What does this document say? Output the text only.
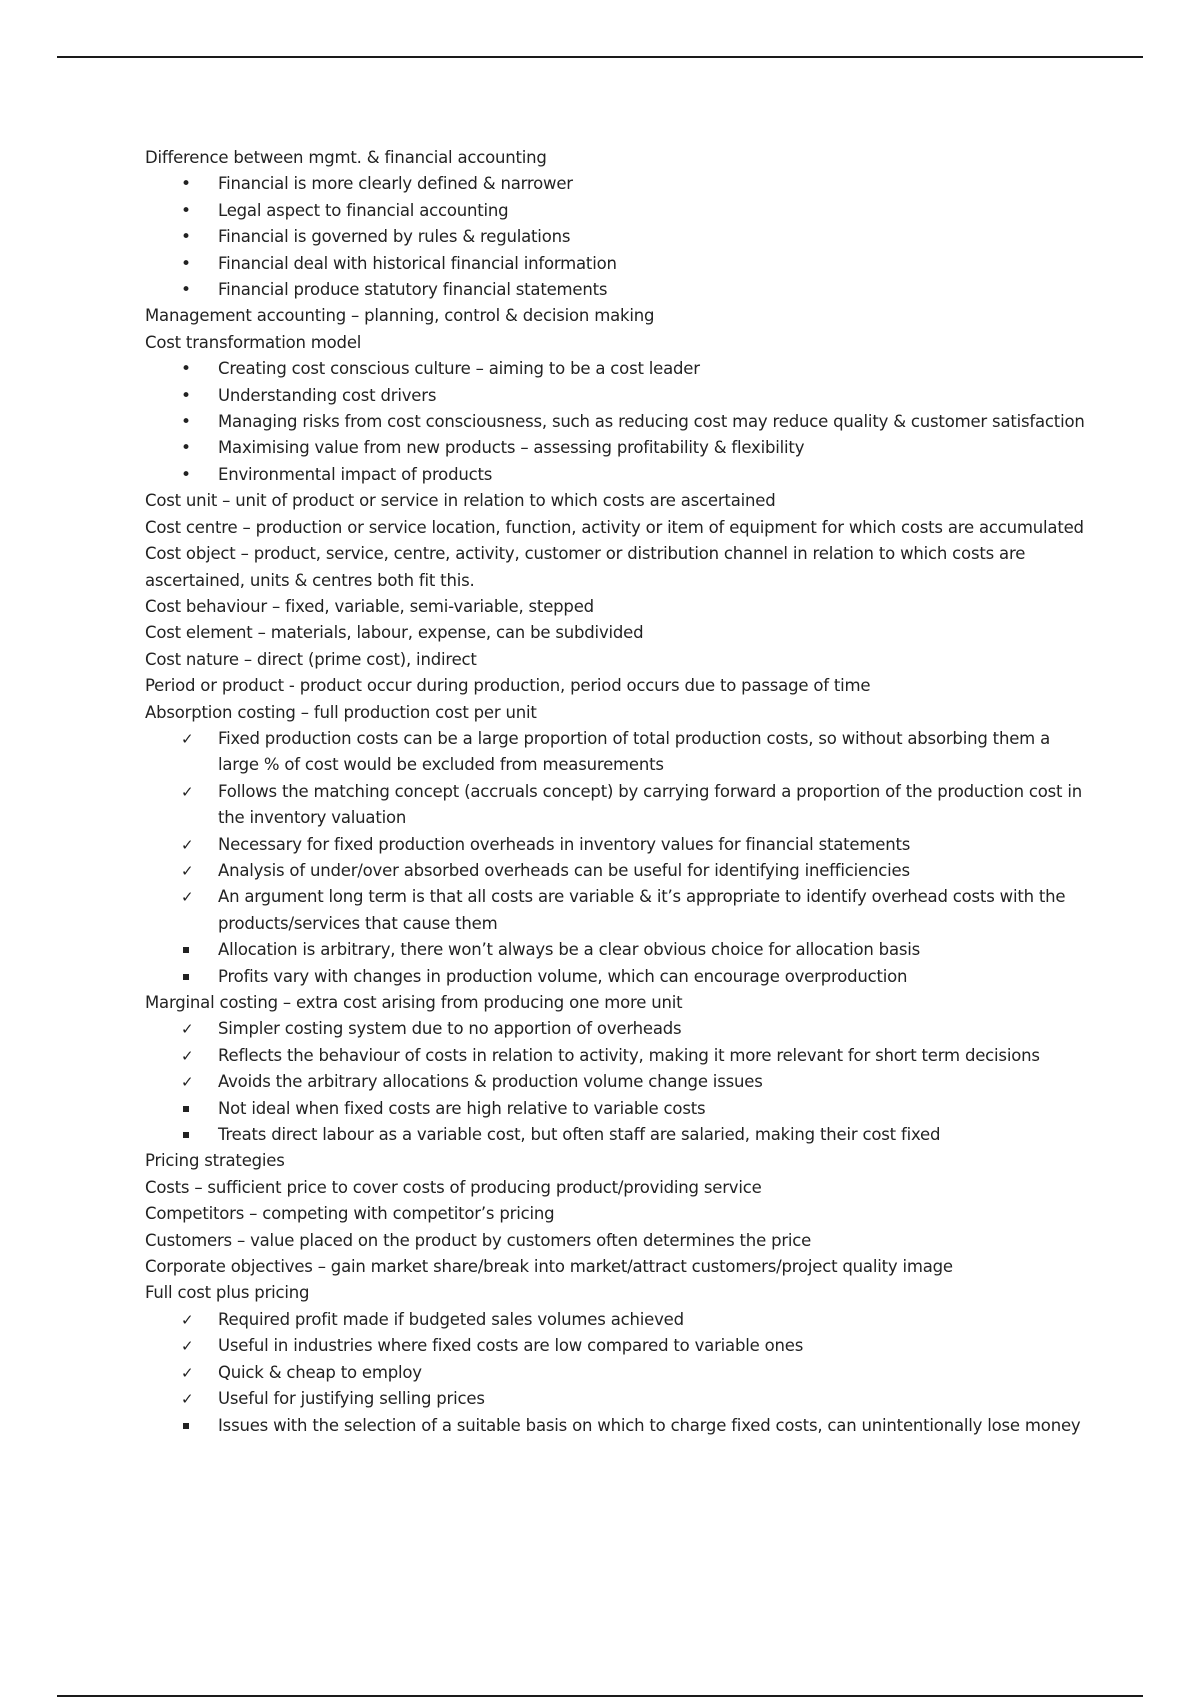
Difference between mgmt. & financial accounting

•
Financial is more clearly defined & narrower
•
Legal aspect to financial accounting
•
Financial is governed by rules & regulations
•
Financial deal with historical financial information
•
Financial produce statutory financial statements

Management accounting – planning, control & decision making

Cost transformation model

•
Creating cost conscious culture – aiming to be a cost leader
•
Understanding cost drivers
•
Managing risks from cost consciousness, such as reducing cost may reduce quality & customer satisfaction
•
Maximising value from new products – assessing profitability & flexibility
•
Environmental impact of products

Cost unit – unit of product or service in relation to which costs are ascertained

Cost centre – production or service location, function, activity or item of equipment for which costs are accumulated

Cost object – product, service, centre, activity, customer or distribution channel in relation to which costs are ascertained, units & centres both fit this.

Cost behaviour – fixed, variable, semi-variable, stepped

Cost element – materials, labour, expense, can be subdivided

Cost nature – direct (prime cost), indirect

Period or product - product occur during production, period occurs due to passage of time

Absorption costing – full production cost per unit

✓
Fixed production costs can be a large proportion of total production costs, so without absorbing them a large % of cost would be excluded from measurements
✓
Follows the matching concept (accruals concept) by carrying forward a proportion of the production cost in the inventory valuation
✓
Necessary for fixed production overheads in inventory values for financial statements
✓
Analysis of under/over absorbed overheads can be useful for identifying inefficiencies
✓
An argument long term is that all costs are variable & it’s appropriate to identify overhead costs with the products/services that cause them
Allocation is arbitrary, there won’t always be a clear obvious choice for allocation basis
Profits vary with changes in production volume, which can encourage overproduction

Marginal costing – extra cost arising from producing one more unit

✓
Simpler costing system due to no apportion of overheads
✓
Reflects the behaviour of costs in relation to activity, making it more relevant for short term decisions
✓
Avoids the arbitrary allocations & production volume change issues
Not ideal when fixed costs are high relative to variable costs
Treats direct labour as a variable cost, but often staff are salaried, making their cost fixed

Pricing strategies

Costs – sufficient price to cover costs of producing product/providing service

Competitors – competing with competitor’s pricing

Customers – value placed on the product by customers often determines the price

Corporate objectives – gain market share/break into market/attract customers/project quality image

Full cost plus pricing

✓
Required profit made if budgeted sales volumes achieved
✓
Useful in industries where fixed costs are low compared to variable ones
✓
Quick & cheap to employ
✓
Useful for justifying selling prices
Issues with the selection of a suitable basis on which to charge fixed costs, can unintentionally lose money
